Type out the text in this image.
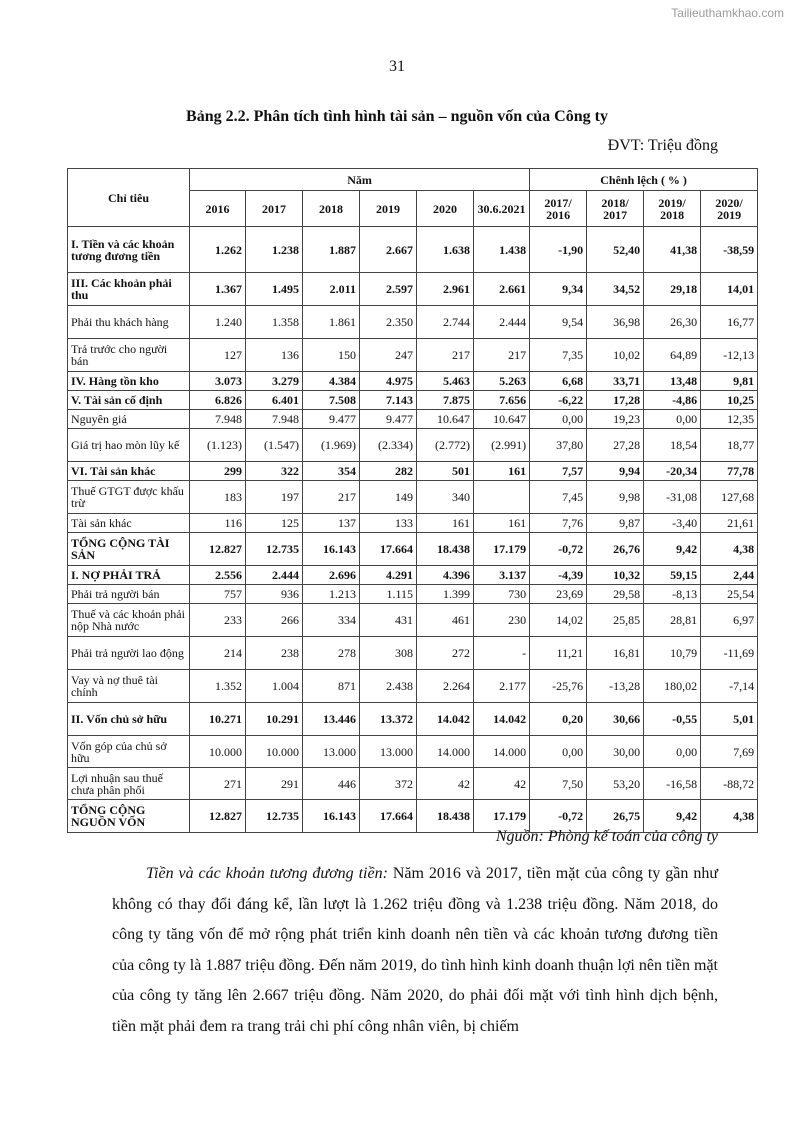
Tailieuthamkhao.com
31
Bảng 2.2. Phân tích tình hình tài sản – nguồn vốn của Công ty
ĐVT: Triệu đồng
Chỉ tiêu	Năm						Chênh lệch ( % )			
	2016	2017	2018	2019	2020	30.6.2021	2017/ 2016	2018/ 2017	2019/ 2018	2020/ 2019
I. Tiền và các khoản tương đương tiền	1.262	1.238	1.887	2.667	1.638	1.438	-1,90	52,40	41,38	-38,59
III. Các khoản phải thu	1.367	1.495	2.011	2.597	2.961	2.661	9,34	34,52	29,18	14,01
Phải thu khách hàng	1.240	1.358	1.861	2.350	2.744	2.444	9,54	36,98	26,30	16,77
Trả trước cho người bán	127	136	150	247	217	217	7,35	10,02	64,89	-12,13
IV. Hàng tồn kho	3.073	3.279	4.384	4.975	5.463	5.263	6,68	33,71	13,48	9,81
V. Tài sản cố định	6.826	6.401	7.508	7.143	7.875	7.656	-6,22	17,28	-4,86	10,25
Nguyên giá	7.948	7.948	9.477	9.477	10.647	10.647	0,00	19,23	0,00	12,35
Giá trị hao mòn lũy kế	(1.123)	(1.547)	(1.969)	(2.334)	(2.772)	(2.991)	37,80	27,28	18,54	18,77
VI. Tài sản khác	299	322	354	282	501	161	7,57	9,94	-20,34	77,78
Thuế GTGT được khấu trừ	183	197	217	149	340		7,45	9,98	-31,08	127,68
Tài sản khác	116	125	137	133	161	161	7,76	9,87	-3,40	21,61
TỔNG CỘNG TÀI SẢN	12.827	12.735	16.143	17.664	18.438	17.179	-0,72	26,76	9,42	4,38
I. NỢ PHẢI TRẢ	2.556	2.444	2.696	4.291	4.396	3.137	-4,39	10,32	59,15	2,44
Phải trả người bán	757	936	1.213	1.115	1.399	730	23,69	29,58	-8,13	25,54
Thuế và các khoản phải nộp Nhà nước	233	266	334	431	461	230	14,02	25,85	28,81	6,97
Phải trả người lao động	214	238	278	308	272	-	11,21	16,81	10,79	-11,69
Vay và nợ thuê tài chính	1.352	1.004	871	2.438	2.264	2.177	-25,76	-13,28	180,02	-7,14
II. Vốn chủ sở hữu	10.271	10.291	13.446	13.372	14.042	14.042	0,20	30,66	-0,55	5,01
Vốn góp của chủ sở hữu	10.000	10.000	13.000	13.000	14.000	14.000	0,00	30,00	0,00	7,69
Lợi nhuận sau thuế chưa phân phối	271	291	446	372	42	42	7,50	53,20	-16,58	-88,72
TỔNG CỘNG NGUỒN VỐN	12.827	12.735	16.143	17.664	18.438	17.179	-0,72	26,75	9,42	4,38
Nguồn: Phòng kế toán của công ty

Tiền và các khoản tương đương tiền: Năm 2016 và 2017, tiền mặt của công ty gần như không có thay đổi đáng kể, lần lượt là 1.262 triệu đồng và 1.238 triệu đồng. Năm 2018, do công ty tăng vốn để mở rộng phát triển kinh doanh nên tiền và các khoản tương đương tiền của công ty là 1.887 triệu đồng. Đến năm 2019, do tình hình kinh doanh thuận lợi nên tiền mặt của công ty tăng lên 2.667 triệu đồng. Năm 2020, do phải đối mặt với tình hình dịch bệnh, tiền mặt phải đem ra trang trải chi phí công nhân viên, bị chiếm
